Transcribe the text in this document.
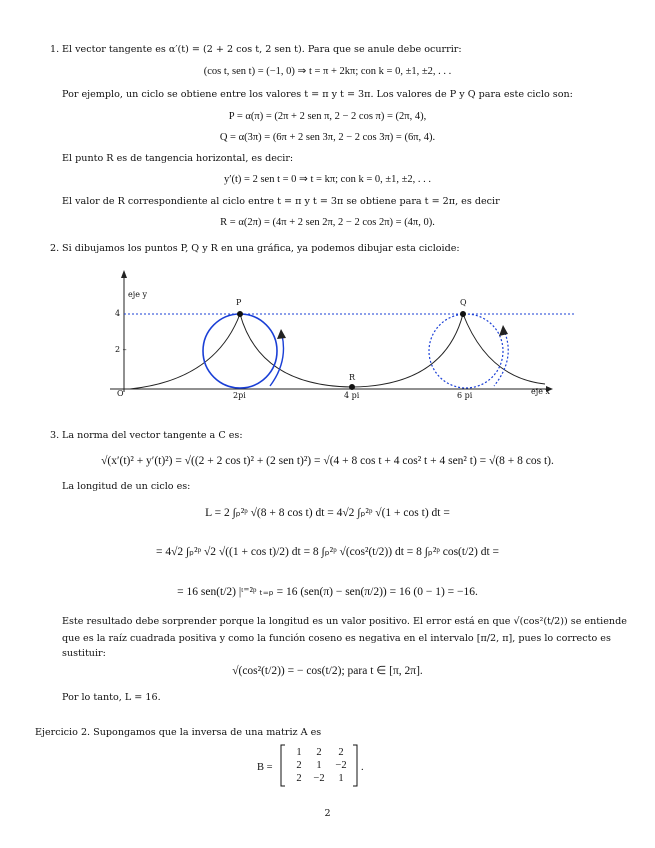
1. El vector tangente es α′(t) = (2 + 2 cos t, 2 sen t). Para que se anule debe ocurrir:
(cos t, sen t) = (−1, 0) ⇒ t = π + 2kπ; con k = 0, ±1, ±2, . . .
Por ejemplo, un ciclo se obtiene entre los valores t = π y t = 3π. Los valores de P y Q para este ciclo son:
P = α(π) = (2π + 2 sen π, 2 − 2 cos π) = (2π, 4),
Q = α(3π) = (6π + 2 sen 3π, 2 − 2 cos 3π) = (6π, 4).
El punto R es de tangencia horizontal, es decir:
y′(t) = 2 sen t = 0 ⇒ t = kπ; con k = 0, ±1, ±2, . . .
El valor de R correspondiente al ciclo entre t = π y t = 3π se obtiene para t = 2π, es decir
R = α(2π) = (4π + 2 sen 2π, 2 − 2 cos 2π) = (4π, 0).
2. Si dibujamos los puntos P, Q y R en una gráfica, ya podemos dibujar esta cicloide:
eje y
eje x
4
2 –
O	2pi	4 pi	6 pi
P	Q
R
3. La norma del vector tangente a C es:
√(x′(t)² + y′(t)²) = √((2 + 2 cos t)² + (2 sen t)²) = √(4 + 8 cos t + 4 cos² t + 4 sen² t) = √(8 + 8 cos t).
La longitud de un ciclo es:
L = 2 ∫ₚ²ᵖ √(8 + 8 cos t) dt = 4√2 ∫ₚ²ᵖ √(1 + cos t) dt =
= 4√2 ∫ₚ²ᵖ √2 √((1 + cos t)/2) dt = 8 ∫ₚ²ᵖ √(cos²(t/2)) dt = 8 ∫ₚ²ᵖ cos(t/2) dt =
= 16 sen(t/2) |ᵗ⁼²ᵖ ₜ₌ₚ = 16 (sen(π) − sen(π/2)) = 16 (0 − 1) = −16.
Este resultado debe sorprender porque la longitud es un valor positivo. El error está en que √(cos²(t/2)) se entiende
que es la raíz cuadrada positiva y como la función coseno es negativa en el intervalo [π/2, π], pues lo correcto es
sustituir:
√(cos²(t/2)) = − cos(t/2); para t ∈ [π, 2π].
Por lo tanto, L = 16.
Ejercicio 2. Supongamos que la inversa de una matriz A es
B =
1	2	2
2	1	−2
2	−2	1
.
2
